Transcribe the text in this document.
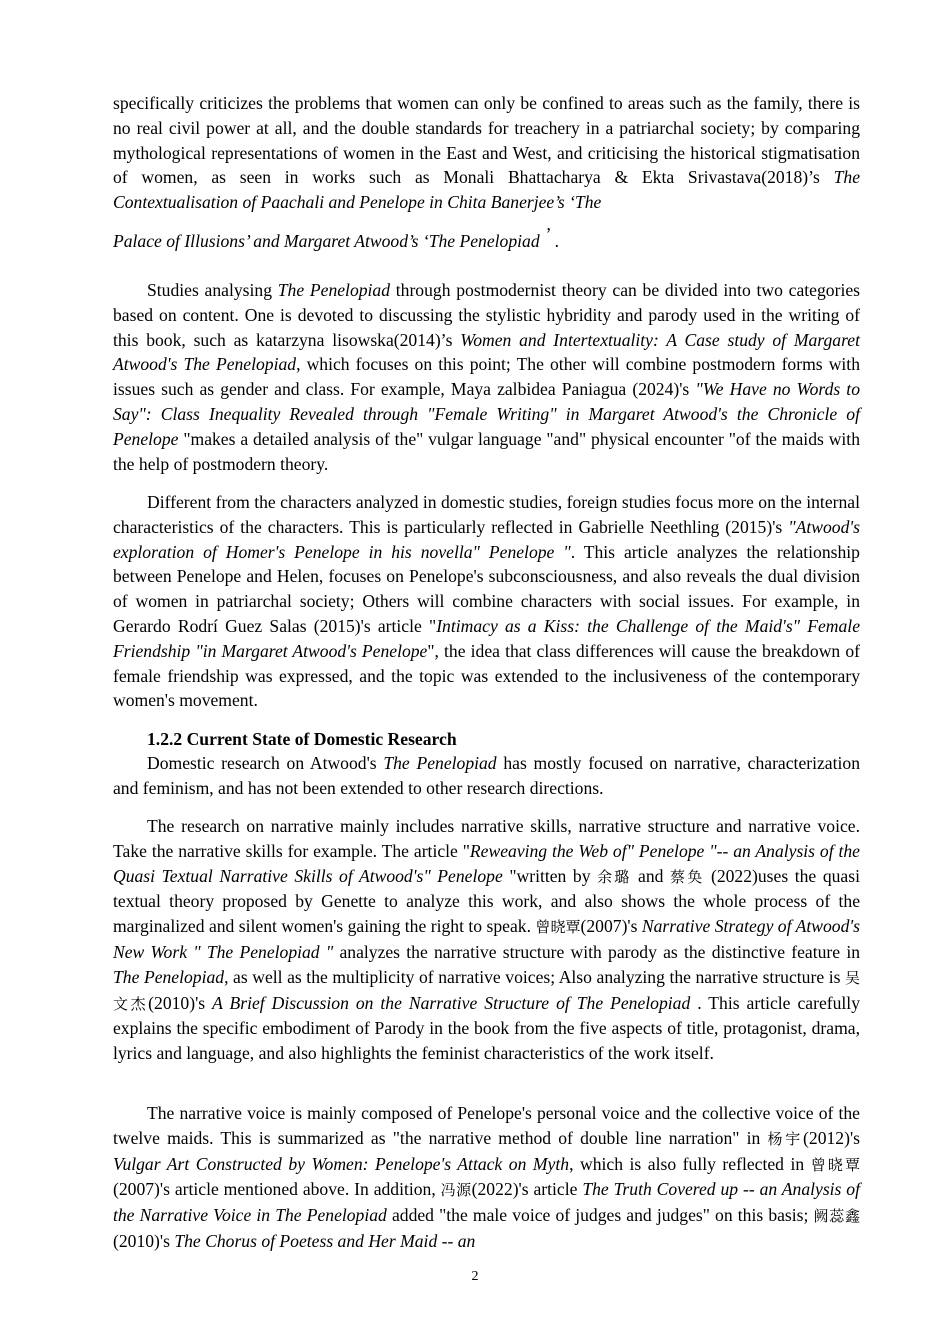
specifically criticizes the problems that women can only be confined to areas such as the family, there is no real civil power at all, and the double standards for treachery in a patriarchal society; by comparing mythological representations of women in the East and West, and criticising the historical stigmatisation of women, as seen in works such as Monali Bhattacharya & Ekta Srivastava(2018)’s The Contextualisation of Paachali and Penelope in Chita Banerjee’s ‘The

Palace of Illusions’ and Margaret Atwood’s ‘The Penelopiad ’ .

Studies analysing The Penelopiad through postmodernist theory can be divided into two categories based on content. One is devoted to discussing the stylistic hybridity and parody used in the writing of this book, such as katarzyna lisowska(2014)’s Women and Intertextuality: A Case study of Margaret Atwood's The Penelopiad, which focuses on this point; The other will combine postmodern forms with issues such as gender and class. For example, Maya zalbidea Paniagua (2024)'s "We Have no Words to Say": Class Inequality Revealed through "Female Writing" in Margaret Atwood's the Chronicle of Penelope "makes a detailed analysis of the" vulgar language "and" physical encounter "of the maids with the help of postmodern theory.

Different from the characters analyzed in domestic studies, foreign studies focus more on the internal characteristics of the characters. This is particularly reflected in Gabrielle Neethling (2015)'s "Atwood's exploration of Homer's Penelope in his novella" Penelope ". This article analyzes the relationship between Penelope and Helen, focuses on Penelope's subconsciousness, and also reveals the dual division of women in patriarchal society; Others will combine characters with social issues. For example, in Gerardo Rodrí Guez Salas (2015)'s article "Intimacy as a Kiss: the Challenge of the Maid's" Female Friendship "in Margaret Atwood's Penelope", the idea that class differences will cause the breakdown of female friendship was expressed, and the topic was extended to the inclusiveness of the contemporary women's movement.

1.2.2 Current State of Domestic Research

Domestic research on Atwood's The Penelopiad has mostly focused on narrative, characterization and feminism, and has not been extended to other research directions.

The research on narrative mainly includes narrative skills, narrative structure and narrative voice. Take the narrative skills for example. The article "Reweaving the Web of" Penelope "-- an Analysis of the Quasi Textual Narrative Skills of Atwood's" Penelope "written by 余璐 and 蔡奂 (2022)uses the quasi textual theory proposed by Genette to analyze this work, and also shows the whole process of the marginalized and silent women's gaining the right to speak. 曾晓覃(2007)'s Narrative Strategy of Atwood's New Work " The Penelopiad " analyzes the narrative structure with parody as the distinctive feature in The Penelopiad, as well as the multiplicity of narrative voices; Also analyzing the narrative structure is 吴文杰(2010)'s A Brief Discussion on the Narrative Structure of The Penelopiad . This article carefully explains the specific embodiment of Parody in the book from the five aspects of title, protagonist, drama, lyrics and language, and also highlights the feminist characteristics of the work itself.

The narrative voice is mainly composed of Penelope's personal voice and the collective voice of the twelve maids. This is summarized as "the narrative method of double line narration" in 杨宇(2012)'s Vulgar Art Constructed by Women: Penelope's Attack on Myth, which is also fully reflected in 曾晓覃(2007)'s article mentioned above. In addition, 冯源(2022)'s article The Truth Covered up -- an Analysis of the Narrative Voice in The Penelopiad added "the male voice of judges and judges" on this basis; 阙蕊鑫(2010)'s The Chorus of Poetess and Her Maid -- an

2
